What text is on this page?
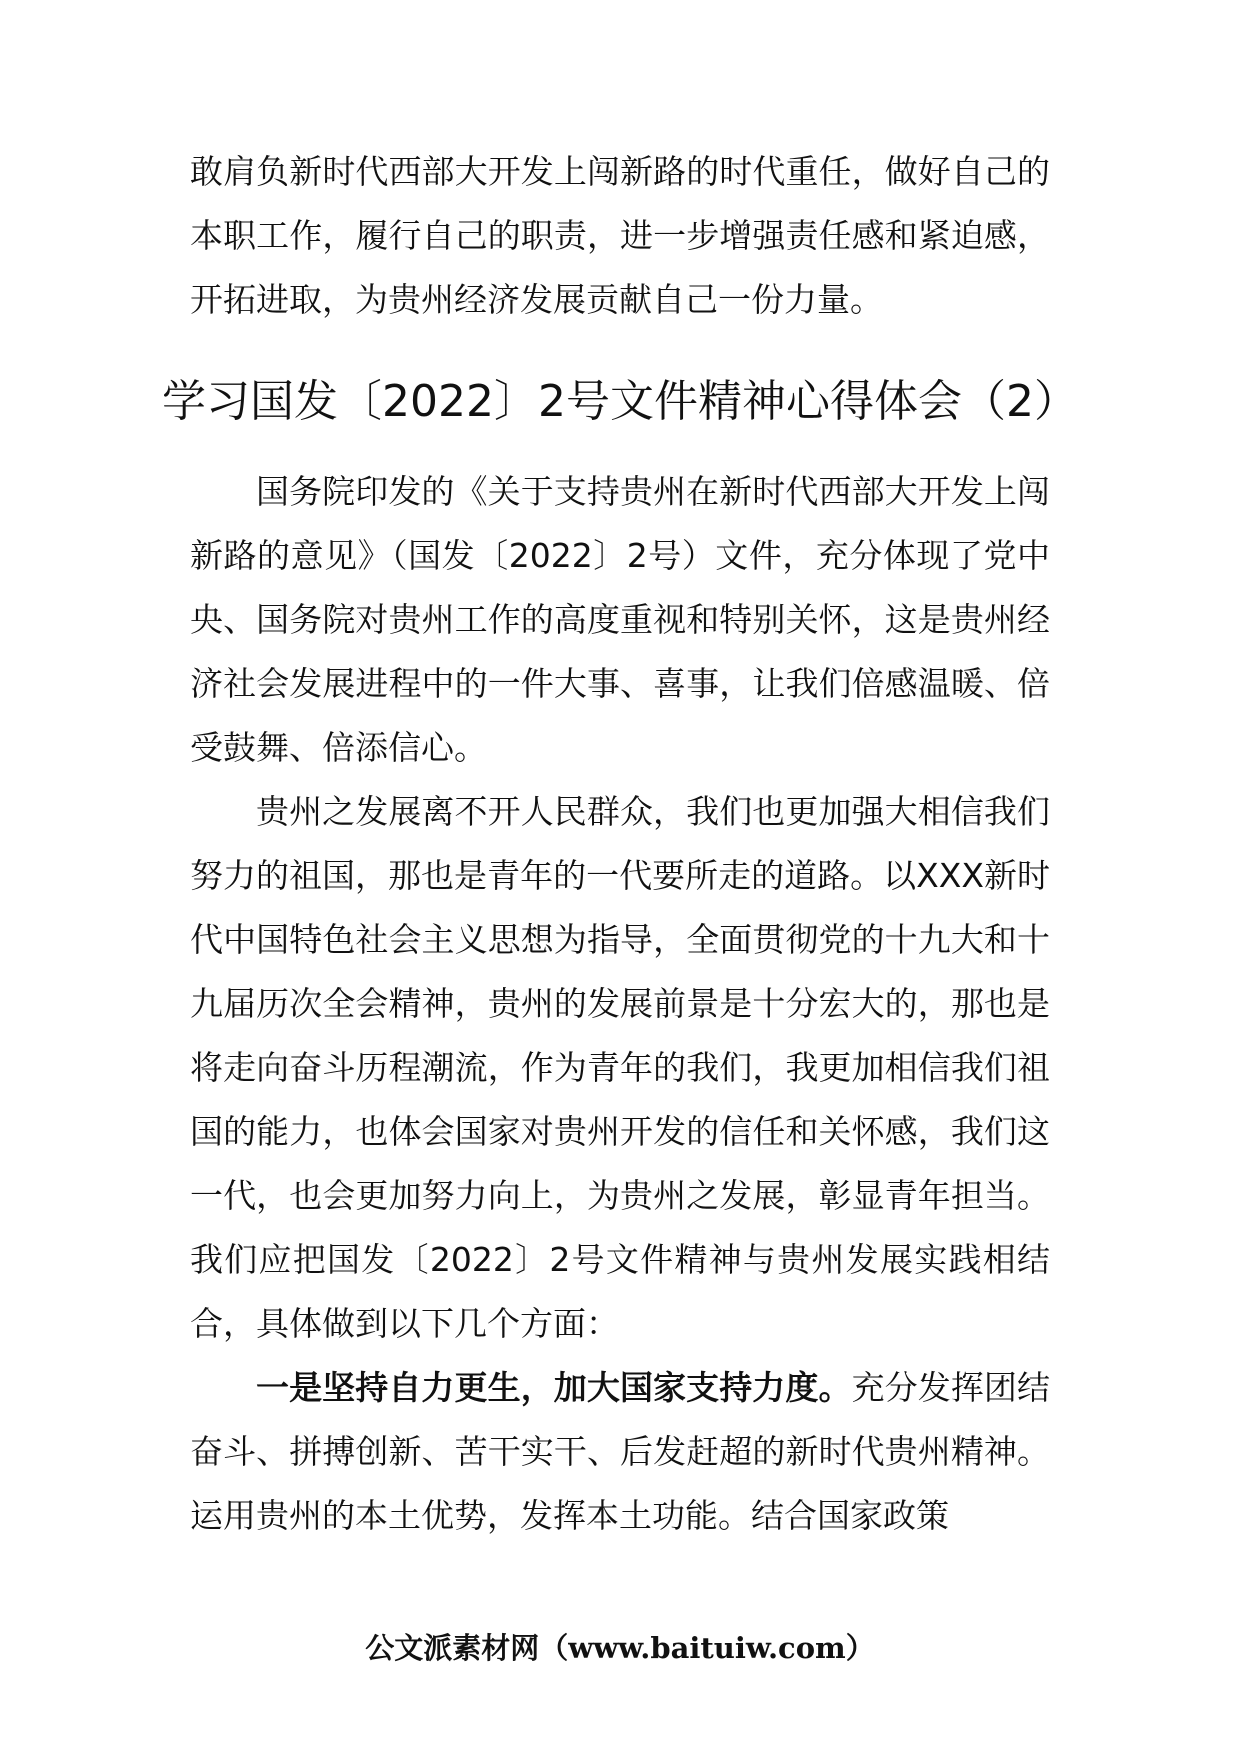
敢肩负新时代西部大开发上闯新路的时代重任，做好自己的本职工作，履行自己的职责，进一步增强责任感和紧迫感，开拓进取，为贵州经济发展贡献自己一份力量。

学习国发〔2022〕2号文件精神心得体会（2）

国务院印发的《关于支持贵州在新时代西部大开发上闯新路的意见》（国发〔2022〕2号）文件，充分体现了党中央、国务院对贵州工作的高度重视和特别关怀，这是贵州经济社会发展进程中的一件大事、喜事，让我们倍感温暖、倍受鼓舞、倍添信心。

贵州之发展离不开人民群众，我们也更加强大相信我们努力的祖国，那也是青年的一代要所走的道路。以XXX新时代中国特色社会主义思想为指导，全面贯彻党的十九大和十九届历次全会精神，贵州的发展前景是十分宏大的，那也是将走向奋斗历程潮流，作为青年的我们，我更加相信我们祖国的能力，也体会国家对贵州开发的信任和关怀感，我们这一代，也会更加努力向上，为贵州之发展，彰显青年担当。我们应把国发〔2022〕2号文件精神与贵州发展实践相结合，具体做到以下几个方面：

一是坚持自力更生，加大国家支持力度。充分发挥团结奋斗、拼搏创新、苦干实干、后发赶超的新时代贵州精神。运用贵州的本土优势，发挥本土功能。结合国家政策

公文派素材网（www.baituiw.com）
